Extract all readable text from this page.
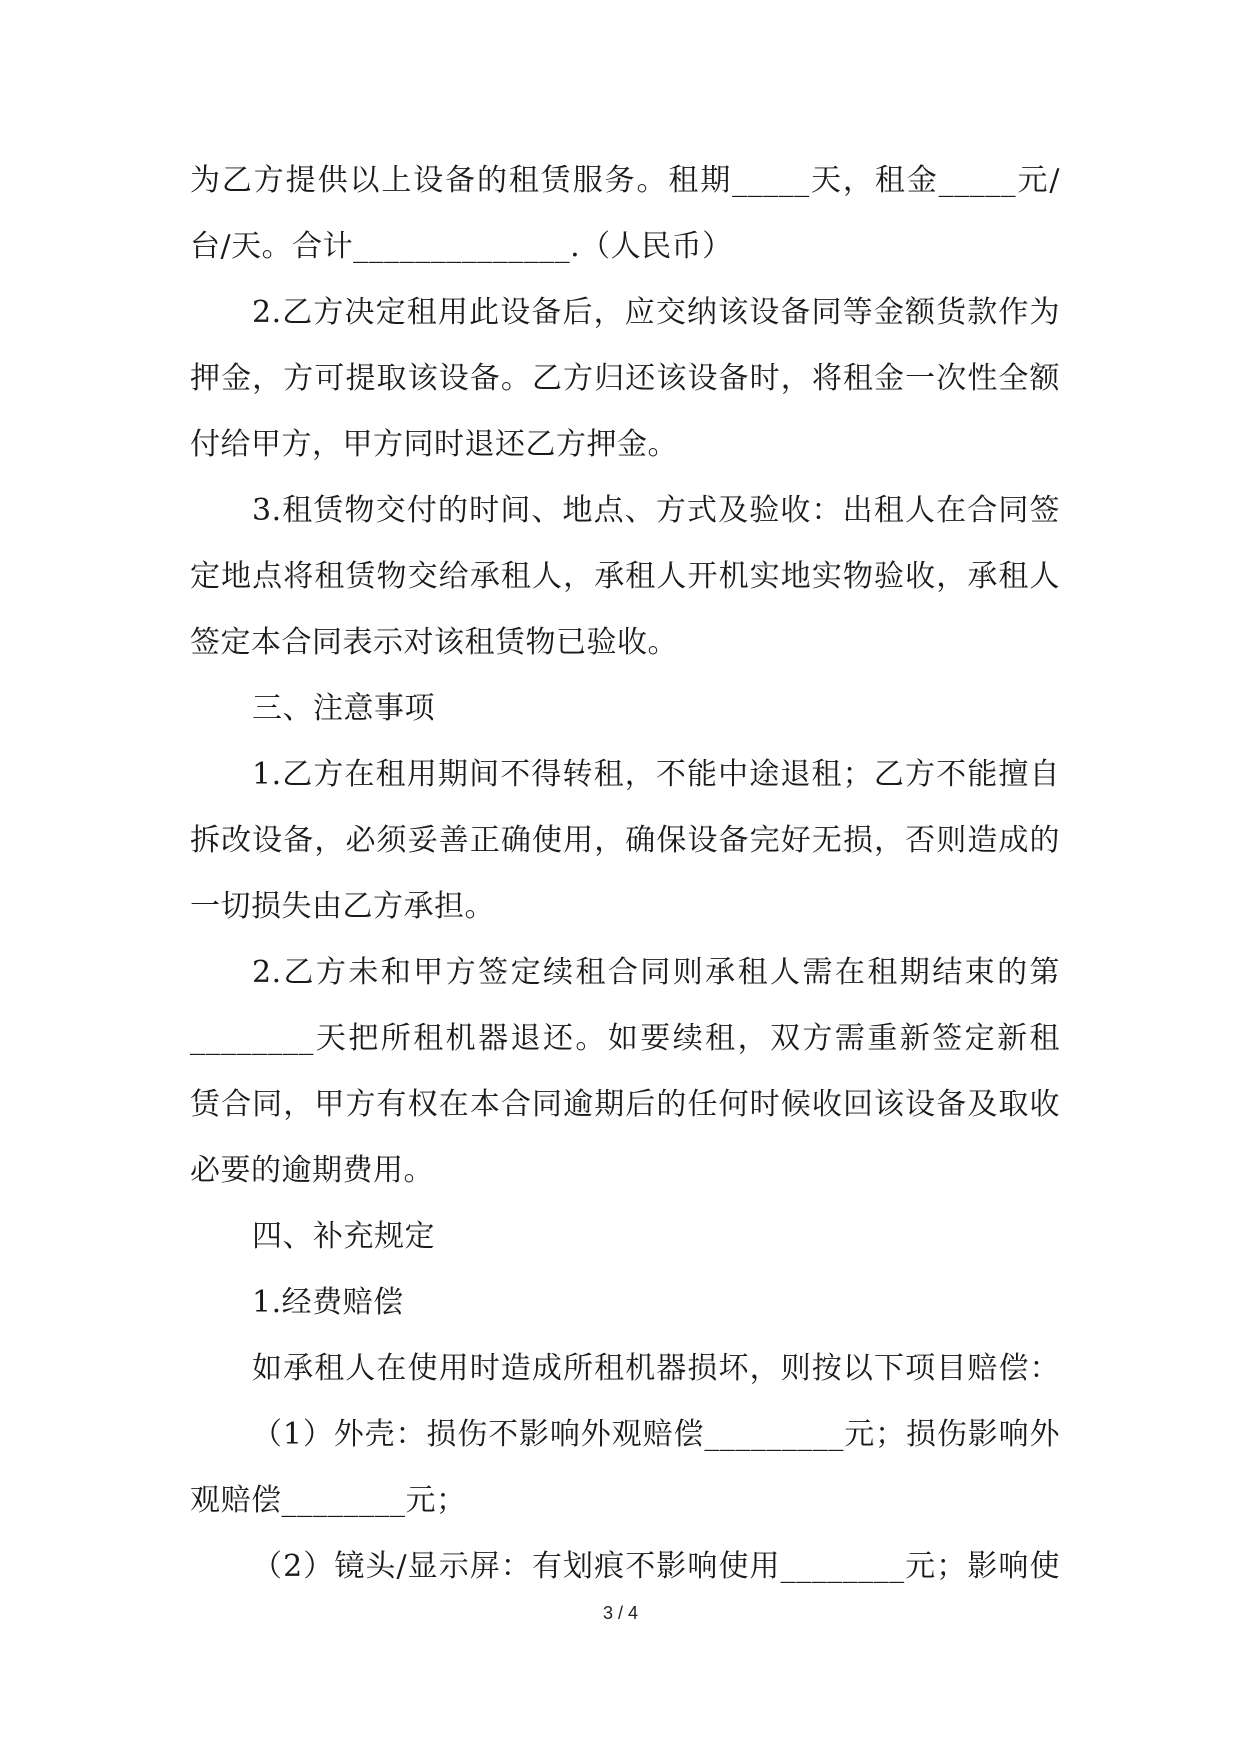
为乙方提供以上设备的租赁服务。租期_____天，租金_____元/
台/天。合计______________.（人民币）
2.乙方决定租用此设备后，应交纳该设备同等金额货款作为
押金，方可提取该设备。乙方归还该设备时，将租金一次性全额
付给甲方，甲方同时退还乙方押金。
3.租赁物交付的时间、地点、方式及验收：出租人在合同签
定地点将租赁物交给承租人，承租人开机实地实物验收，承租人
签定本合同表示对该租赁物已验收。
三、注意事项
1.乙方在租用期间不得转租，不能中途退租；乙方不能擅自
拆改设备，必须妥善正确使用，确保设备完好无损，否则造成的
一切损失由乙方承担。
2.乙方未和甲方签定续租合同则承租人需在租期结束的第
________天把所租机器退还。如要续租，双方需重新签定新租
赁合同，甲方有权在本合同逾期后的任何时候收回该设备及取收
必要的逾期费用。
四、补充规定
1.经费赔偿
如承租人在使用时造成所租机器损坏，则按以下项目赔偿：
（1）外壳：损伤不影响外观赔偿_________元；损伤影响外
观赔偿________元；
（2）镜头/显示屏：有划痕不影响使用________元；影响使
3 / 4
